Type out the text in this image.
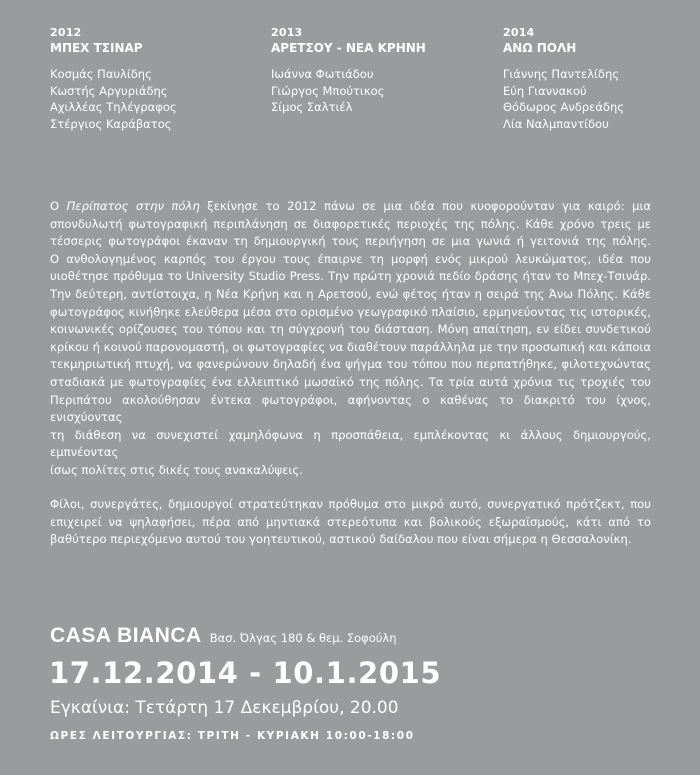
2012
ΜΠΕΧ ΤΣΙΝΑΡ
Κοσμάς Παυλίδης
Κωστής Αργυριάδης
Αχιλλέας Τηλέγραφος
Στέργιος Καράβατος
2013
ΑΡΕΤΣΟΥ - ΝΕΑ ΚΡΗΝΗ
Ιωάννα Φωτιάδου
Γιώργος Μπούτικος
Σίμος Σαλτιέλ
2014
ΑΝΩ ΠΟΛΗ
Γιάννης Παντελίδης
Εύη Γιαννακού
Θόδωρος Ανδρεάδης
Λία Ναλμπαντίδου

Ο Περίπατος στην πόλη ξεκίνησε το 2012 πάνω σε μια ιδέα που κυοφορούνταν για καιρό: μια
σπονδυλωτή φωτογραφική περιπλάνηση σε διαφορετικές περιοχές της πόλης. Κάθε χρόνο τρεις με
τέσσερις φωτογράφοι έκαναν τη δημιουργική τους περιήγηση σε μια γωνιά ή γειτονιά της πόλης.
Ο ανθολογημένος καρπός του έργου τους έπαιρνε τη μορφή ενός μικρού λευκώματος, ιδέα που
υιοθέτησε πρόθυμα το University Studio Press. Την πρώτη χρονιά πεδίο δράσης ήταν το Μπεχ-Τσινάρ.
Την δεύτερη, αντίστοιχα, η Νέα Κρήνη και η Αρετσού, ενώ φέτος ήταν η σειρά της Άνω Πόλης. Κάθε
φωτογράφος κινήθηκε ελεύθερα μέσα στο ορισμένο γεωγραφικό πλαίσιο, ερμηνεύοντας τις ιστορικές,
κοινωνικές ορίζουσες του τόπου και τη σύγχρονή του διάσταση. Μόνη απαίτηση, εν είδει συνδετικού
κρίκου ή κοινού παρονομαστή, οι φωτογραφίες να διαθέτουν παράλληλα με την προσωπική και κάποια
τεκμηριωτική πτυχή, να φανερώνουν δηλαδή ένα ψήγμα του τόπου που περπατήθηκε, φιλοτεχνώντας
σταδιακά με φωτογραφίες ένα ελλειπτικό μωσαϊκό της πόλης. Τα τρία αυτά χρόνια τις τροχιές του
Περιπάτου ακολούθησαν έντεκα φωτογράφοι, αφήνοντας ο καθένας το διακριτό του ίχνος, ενισχύοντας
τη διάθεση να συνεχιστεί χαμηλόφωνα η προσπάθεια, εμπλέκοντας κι άλλους δημιουργούς, εμπνέοντας
ίσως πολίτες στις δικές τους ανακαλύψεις.

Φίλοι, συνεργάτες, δημιουργοί στρατεύτηκαν πρόθυμα στο μικρό αυτό, συνεργατικό πρότζεκτ, που
επιχειρεί να ψηλαφήσει, πέρα από μηντιακά στερεότυπα και βολικούς εξωραϊσμούς, κάτι από το
βαθύτερο περιεχόμενο αυτού του γοητευτικού, αστικού δαίδαλου που είναι σήμερα η Θεσσαλονίκη.

CASA BIANCA Βασ. Όλγας 180 & θεμ. Σοφούλη
17.12.2014 - 10.1.2015
Εγκαίνια: Τετάρτη 17 Δεκεμβρίου, 20.00
ΩΡΕΣ ΛΕΙΤΟΥΡΓΙΑΣ: ΤΡΙΤΗ - ΚΥΡΙΑΚΗ 10:00-18:00
